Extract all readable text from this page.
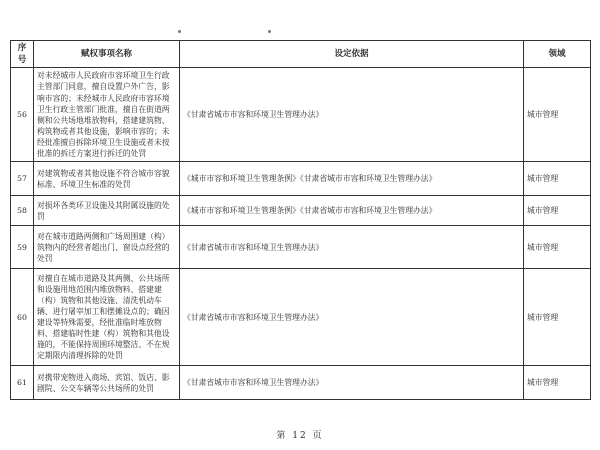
序号	赋权事项名称	设定依据	领域
56	对未经城市人民政府市容环境卫生行政主管部门同意，擅自设置户外广告，影响市容的；未经城市人民政府市容环境卫生行政主管部门批准，擅自在街道两侧和公共场地堆放物料，搭建建筑物、构筑物或者其他设施，影响市容的；未经批准擅自拆除环境卫生设施或者未按批准的拆迁方案进行拆迁的处罚	《甘肃省城市市容和环境卫生管理办法》	城市管理
57	对建筑物或者其他设施不符合城市容貌标准、环境卫生标准的处罚	《城市市容和环境卫生管理条例》《甘肃省城市市容和环境卫生管理办法》	城市管理
58	对损坏各类环卫设施及其附属设施的处罚	《城市市容和环境卫生管理条例》《甘肃省城市市容和环境卫生管理办法》	城市管理
59	对在城市道路两侧和广场周围建（构）筑物内的经营者超出门、窗设点经营的处罚	《甘肃省城市市容和环境卫生管理办法》	城市管理
60	对擅自在城市道路及其两侧、公共场所和设施用地范围内堆放物料、搭建建（构）筑物和其他设施、清洗机动车辆、进行屠宰加工和摆摊设点的；确因建设等特殊需要，经批准临时堆放物料、搭建临时性建（构）筑物和其他设施的，不能保持周围环境整洁、不在规定期限内清理拆除的处罚	《甘肃省城市市容和环境卫生管理办法》	城市管理
61	对携带宠物进入商场、宾馆、饭店、影剧院、公交车辆等公共场所的处罚	《甘肃省城市市容和环境卫生管理办法》	城市管理
第 12 页
